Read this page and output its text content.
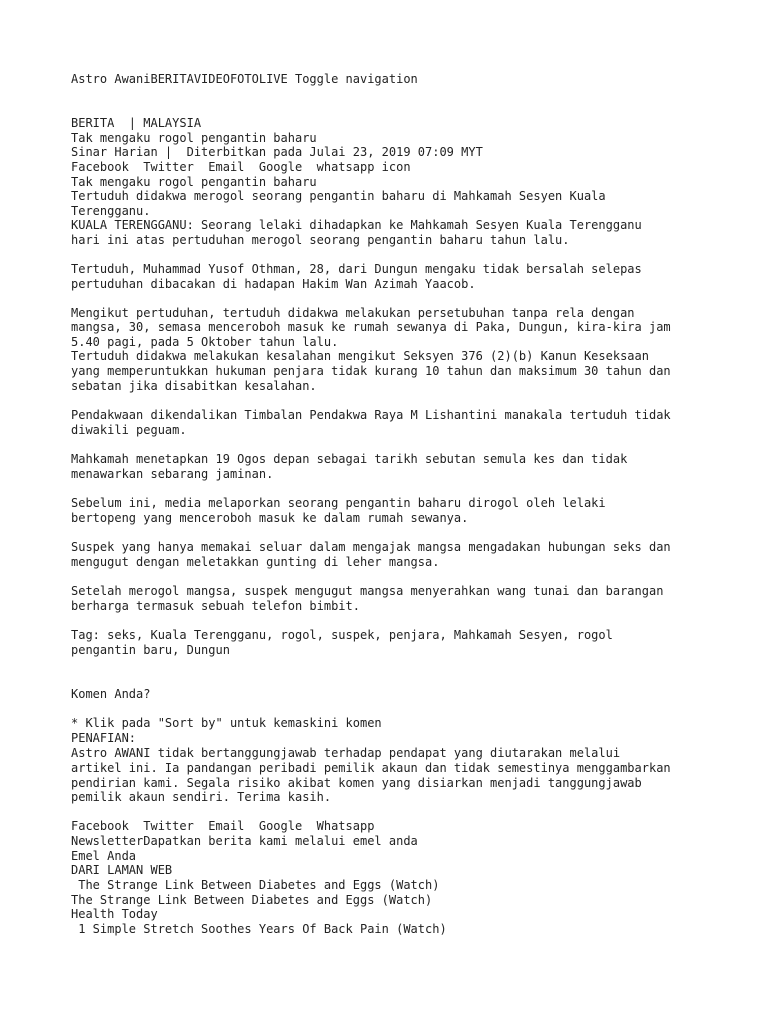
Astro AwaniBERITAVIDEOFOTOLIVE Toggle navigation

BERITA  | MALAYSIA

Tak mengaku rogol pengantin baharu

Sinar Harian |  Diterbitkan pada Julai 23, 2019 07:09 MYT

Facebook  Twitter  Email  Google  whatsapp icon

Tak mengaku rogol pengantin baharu

Tertuduh didakwa merogol seorang pengantin baharu di Mahkamah Sesyen Kuala

Terengganu.

KUALA TERENGGANU: Seorang lelaki dihadapkan ke Mahkamah Sesyen Kuala Terengganu

hari ini atas pertuduhan merogol seorang pengantin baharu tahun lalu.

Tertuduh, Muhammad Yusof Othman, 28, dari Dungun mengaku tidak bersalah selepas

pertuduhan dibacakan di hadapan Hakim Wan Azimah Yaacob.

Mengikut pertuduhan, tertuduh didakwa melakukan persetubuhan tanpa rela dengan

mangsa, 30, semasa menceroboh masuk ke rumah sewanya di Paka, Dungun, kira-kira jam

5.40 pagi, pada 5 Oktober tahun lalu.

Tertuduh didakwa melakukan kesalahan mengikut Seksyen 376 (2)(b) Kanun Keseksaan

yang memperuntukkan hukuman penjara tidak kurang 10 tahun dan maksimum 30 tahun dan

sebatan jika disabitkan kesalahan.

Pendakwaan dikendalikan Timbalan Pendakwa Raya M Lishantini manakala tertuduh tidak

diwakili peguam.

Mahkamah menetapkan 19 Ogos depan sebagai tarikh sebutan semula kes dan tidak

menawarkan sebarang jaminan.

Sebelum ini, media melaporkan seorang pengantin baharu dirogol oleh lelaki

bertopeng yang menceroboh masuk ke dalam rumah sewanya.

Suspek yang hanya memakai seluar dalam mengajak mangsa mengadakan hubungan seks dan

mengugut dengan meletakkan gunting di leher mangsa.

Setelah merogol mangsa, suspek mengugut mangsa menyerahkan wang tunai dan barangan

berharga termasuk sebuah telefon bimbit.

Tag: seks, Kuala Terengganu, rogol, suspek, penjara, Mahkamah Sesyen, rogol

pengantin baru, Dungun

Komen Anda?

* Klik pada "Sort by" untuk kemaskini komen

PENAFIAN:

Astro AWANI tidak bertanggungjawab terhadap pendapat yang diutarakan melalui

artikel ini. Ia pandangan peribadi pemilik akaun dan tidak semestinya menggambarkan

pendirian kami. Segala risiko akibat komen yang disiarkan menjadi tanggungjawab

pemilik akaun sendiri. Terima kasih.

Facebook  Twitter  Email  Google  Whatsapp

NewsletterDapatkan berita kami melalui emel anda

Emel Anda

DARI LAMAN WEB

The Strange Link Between Diabetes and Eggs (Watch)

The Strange Link Between Diabetes and Eggs (Watch)

Health Today

1 Simple Stretch Soothes Years Of Back Pain (Watch)
